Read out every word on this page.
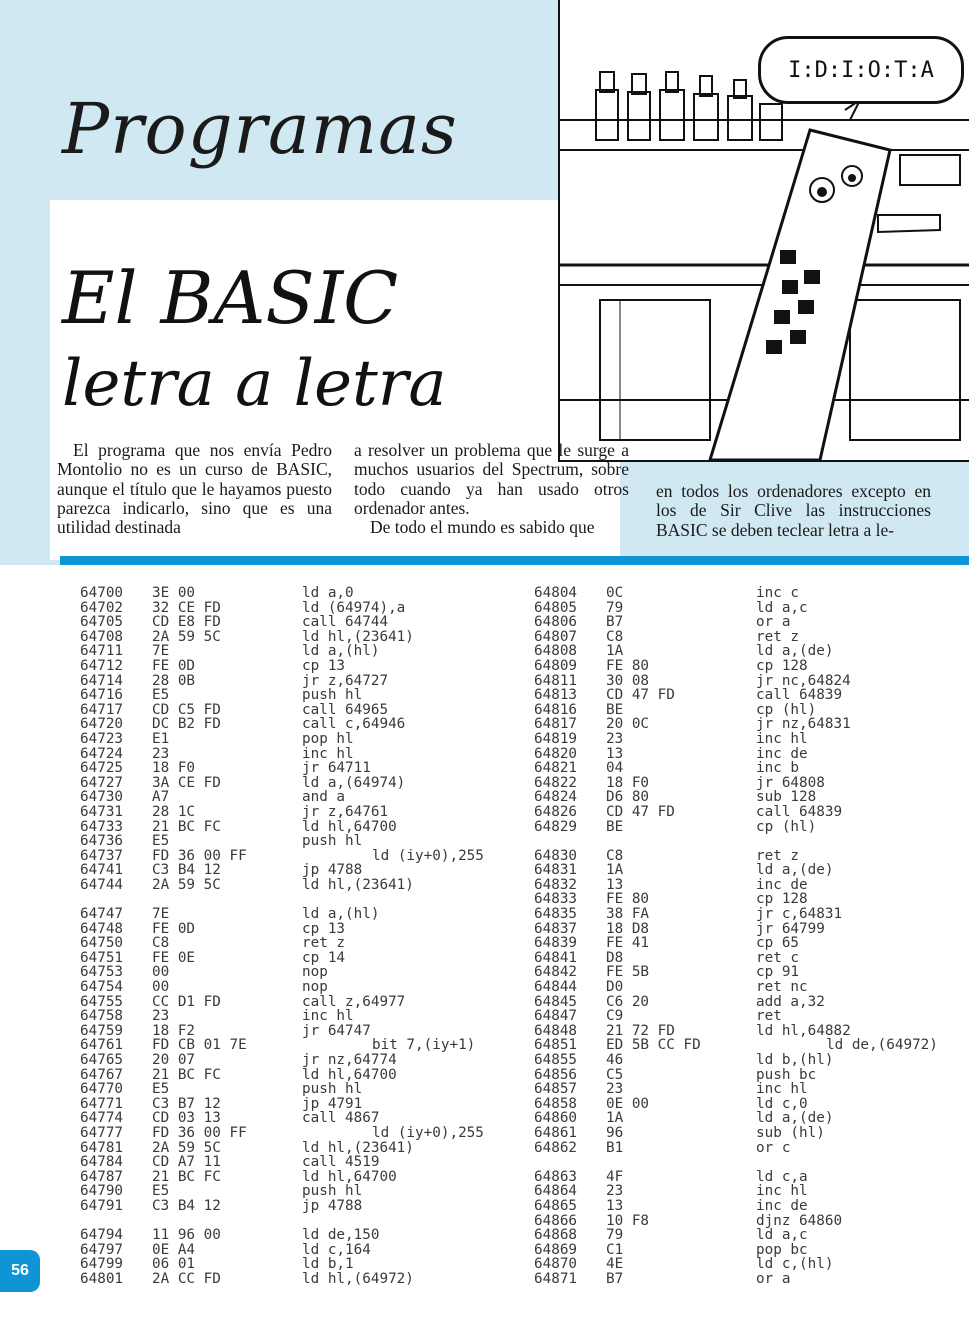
Programas
El BASIC
letra a letra
I:D:I:O:T:A

El programa que nos envía Pedro Montolio no es un curso de BASIC, aunque el título que le hayamos puesto parezca indicarlo, sino que es una utilidad destinada

a resolver un problema que le surge a muchos usuarios del Spectrum, sobre todo cuando ya han usado otros ordenador antes.

De todo el mundo es sabido que

en todos los ordenadores excepto en los de Sir Clive las instrucciones BASIC se deben teclear letra a le-

64700	3E 00	ld a,0
64702	32 CE FD	ld (64974),a
64705	CD E8 FD	call 64744
64708	2A 59 5C	ld hl,(23641)
64711	7E	ld a,(hl)
64712	FE 0D	cp 13
64714	28 0B	jr z,64727
64716	E5	push hl
64717	CD C5 FD	call 64965
64720	DC B2 FD	call c,64946
64723	E1	pop hl
64724	23	inc hl
64725	18 F0	jr 64711
64727	3A CE FD	ld a,(64974)
64730	A7	and a
64731	28 1C	jr z,64761
64733	21 BC FC	ld hl,64700
64736	E5	push hl
64737	FD 36 00 FF	ld (iy+0),255
64741	C3 B4 12	jp 4788
64744	2A 59 5C	ld hl,(23641)
64747	7E	ld a,(hl)
64748	FE 0D	cp 13
64750	C8	ret z
64751	FE 0E	cp 14
64753	00	nop
64754	00	nop
64755	CC D1 FD	call z,64977
64758	23	inc hl
64759	18 F2	jr 64747
64761	FD CB 01 7E	bit 7,(iy+1)
64765	20 07	jr nz,64774
64767	21 BC FC	ld hl,64700
64770	E5	push hl
64771	C3 B7 12	jp 4791
64774	CD 03 13	call 4867
64777	FD 36 00 FF	ld (iy+0),255
64781	2A 59 5C	ld hl,(23641)
64784	CD A7 11	call 4519
64787	21 BC FC	ld hl,64700
64790	E5	push hl
64791	C3 B4 12	jp 4788
64794	11 96 00	ld de,150
64797	0E A4	ld c,164
64799	06 01	ld b,1
64801	2A CC FD	ld hl,(64972)
64804	0C	inc c
64805	79	ld a,c
64806	B7	or a
64807	C8	ret z
64808	1A	ld a,(de)
64809	FE 80	cp 128
64811	30 08	jr nc,64824
64813	CD 47 FD	call 64839
64816	BE	cp (hl)
64817	20 0C	jr nz,64831
64819	23	inc hl
64820	13	inc de
64821	04	inc b
64822	18 F0	jr 64808
64824	D6 80	sub 128
64826	CD 47 FD	call 64839
64829	BE	cp (hl)
64830	C8	ret z
64831	1A	ld a,(de)
64832	13	inc de
64833	FE 80	cp 128
64835	38 FA	jr c,64831
64837	18 D8	jr 64799
64839	FE 41	cp 65
64841	D8	ret c
64842	FE 5B	cp 91
64844	D0	ret nc
64845	C6 20	add a,32
64847	C9	ret
64848	21 72 FD	ld hl,64882
64851	ED 5B CC FD	ld de,(64972)
64855	46	ld b,(hl)
64856	C5	push bc
64857	23	inc hl
64858	0E 00	ld c,0
64860	1A	ld a,(de)
64861	96	sub (hl)
64862	B1	or c
64863	4F	ld c,a
64864	23	inc hl
64865	13	inc de
64866	10 F8	djnz 64860
64868	79	ld a,c
64869	C1	pop bc
64870	4E	ld c,(hl)
64871	B7	or a
56
